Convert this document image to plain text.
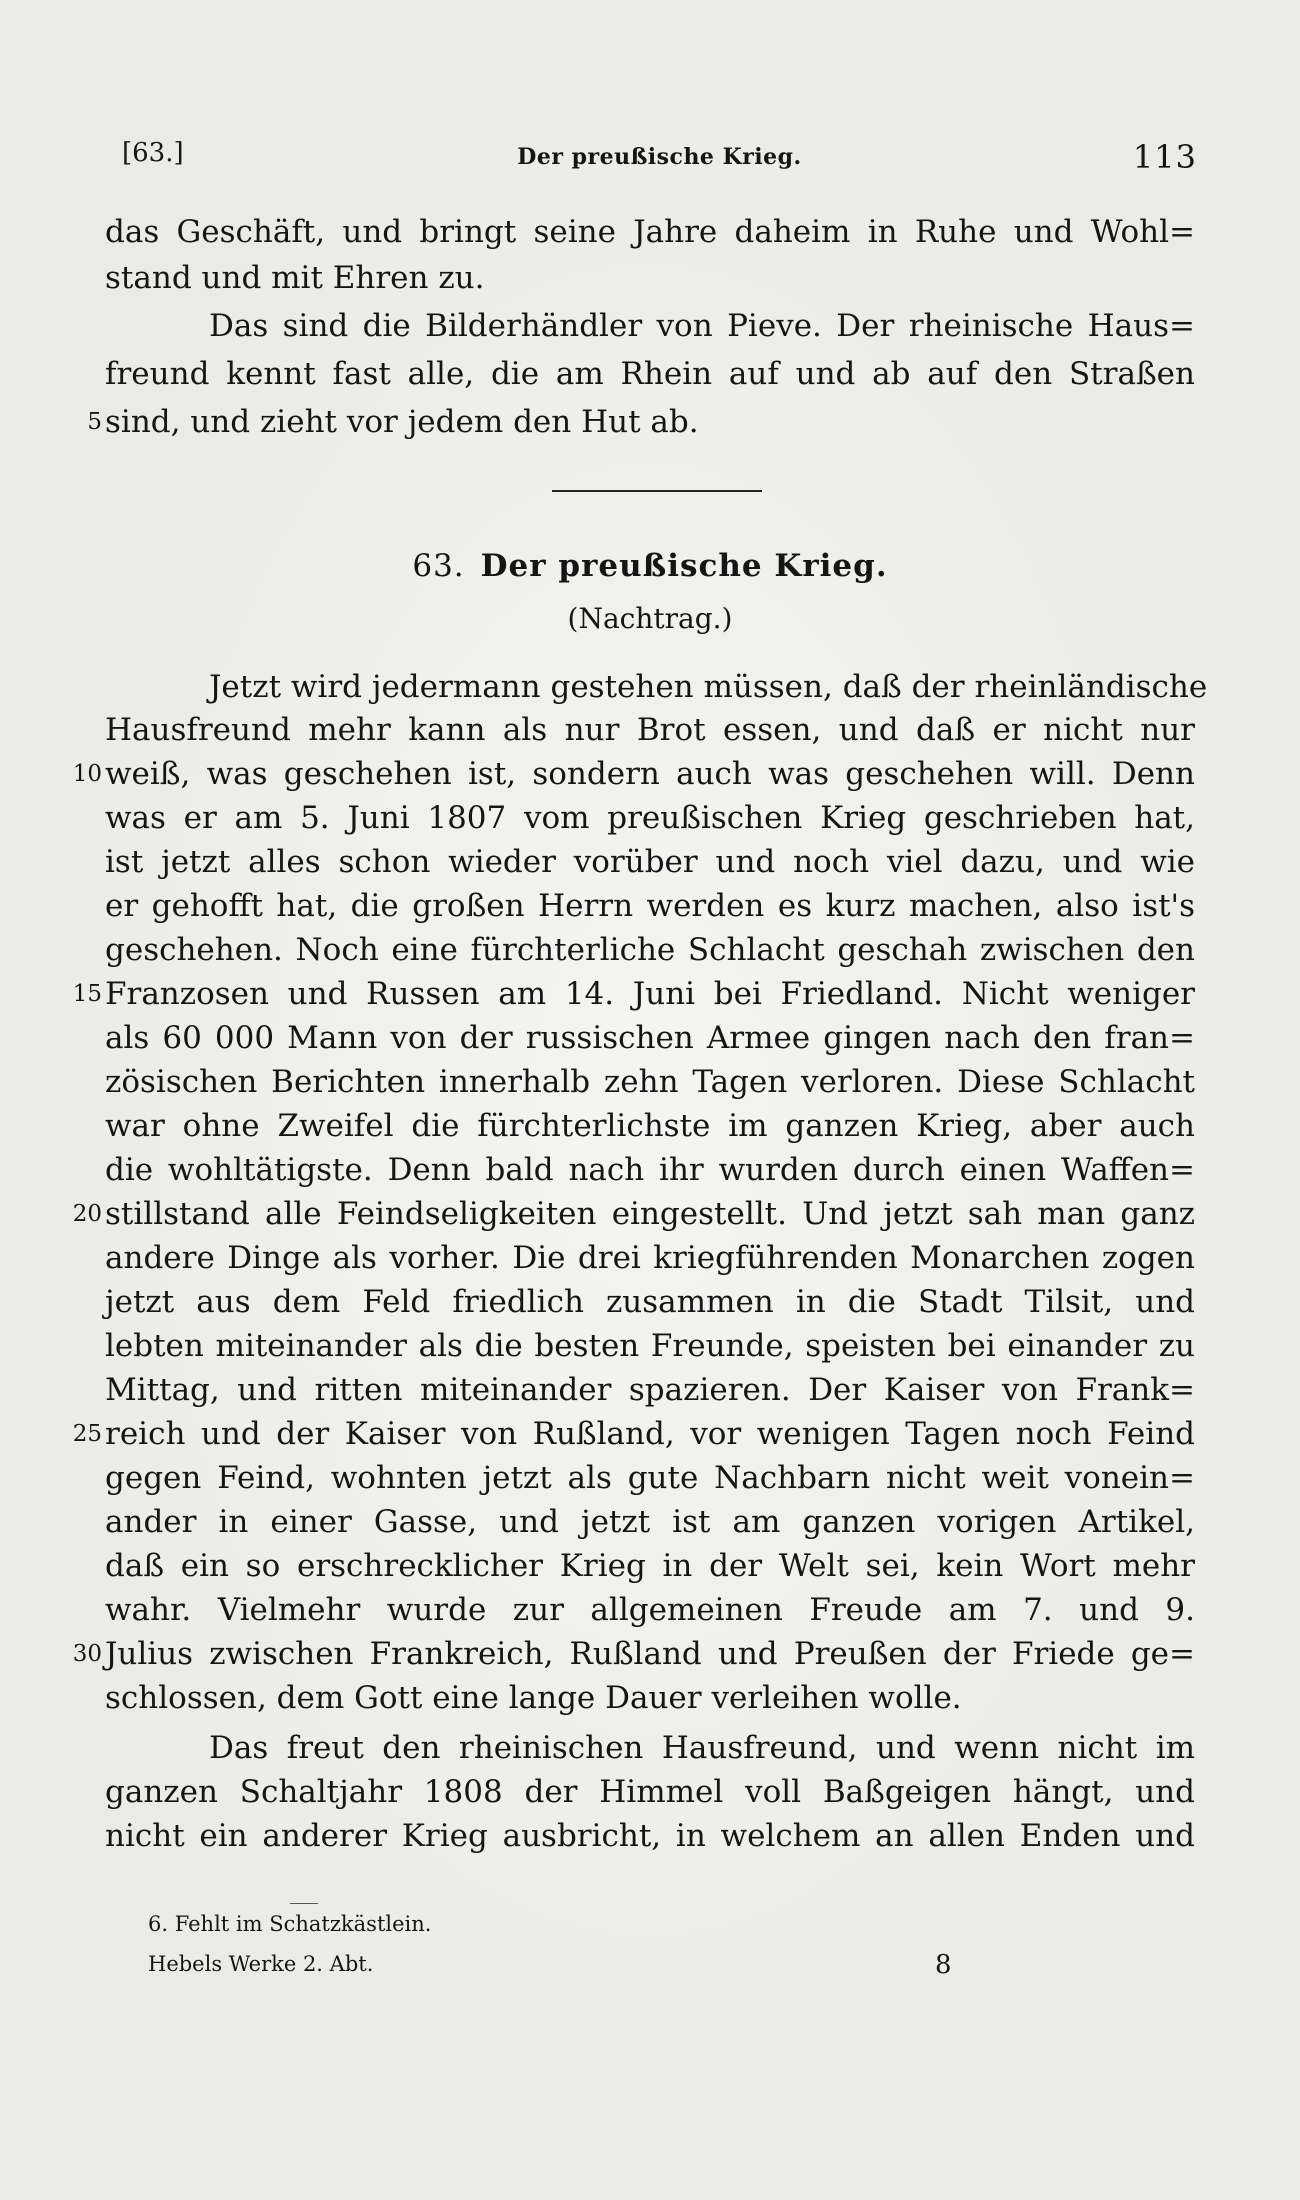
[63.]	Der preußische Krieg.	113
das Geschäft, und bringt seine Jahre daheim in Ruhe und Wohl=
stand und mit Ehren zu.
Das sind die Bilderhändler von Pieve. Der rheinische Haus=
freund kennt fast alle, die am Rhein auf und ab auf den Straßen
5 sind, und zieht vor jedem den Hut ab.
63. Der preußische Krieg.
(Nachtrag.)
Jetzt wird jedermann gestehen müssen, daß der rheinländische
Hausfreund mehr kann als nur Brot essen, und daß er nicht nur
10 weiß, was geschehen ist, sondern auch was geschehen will. Denn
was er am 5. Juni 1807 vom preußischen Krieg geschrieben hat,
ist jetzt alles schon wieder vorüber und noch viel dazu, und wie
er gehofft hat, die großen Herrn werden es kurz machen, also ist's
geschehen. Noch eine fürchterliche Schlacht geschah zwischen den
15 Franzosen und Russen am 14. Juni bei Friedland. Nicht weniger
als 60 000 Mann von der russischen Armee gingen nach den fran=
zösischen Berichten innerhalb zehn Tagen verloren. Diese Schlacht
war ohne Zweifel die fürchterlichste im ganzen Krieg, aber auch
die wohltätigste. Denn bald nach ihr wurden durch einen Waffen=
20 stillstand alle Feindseligkeiten eingestellt. Und jetzt sah man ganz
andere Dinge als vorher. Die drei kriegführenden Monarchen zogen
jetzt aus dem Feld friedlich zusammen in die Stadt Tilsit, und
lebten miteinander als die besten Freunde, speisten bei einander zu
Mittag, und ritten miteinander spazieren. Der Kaiser von Frank=
25 reich und der Kaiser von Rußland, vor wenigen Tagen noch Feind
gegen Feind, wohnten jetzt als gute Nachbarn nicht weit vonein=
ander in einer Gasse, und jetzt ist am ganzen vorigen Artikel,
daß ein so erschrecklicher Krieg in der Welt sei, kein Wort mehr
wahr. Vielmehr wurde zur allgemeinen Freude am 7. und 9.
30 Julius zwischen Frankreich, Rußland und Preußen der Friede ge=
schlossen, dem Gott eine lange Dauer verleihen wolle.
Das freut den rheinischen Hausfreund, und wenn nicht im
ganzen Schaltjahr 1808 der Himmel voll Baßgeigen hängt, und
nicht ein anderer Krieg ausbricht, in welchem an allen Enden und
6. Fehlt im Schatzkästlein.
Hebels Werke 2. Abt.	8
